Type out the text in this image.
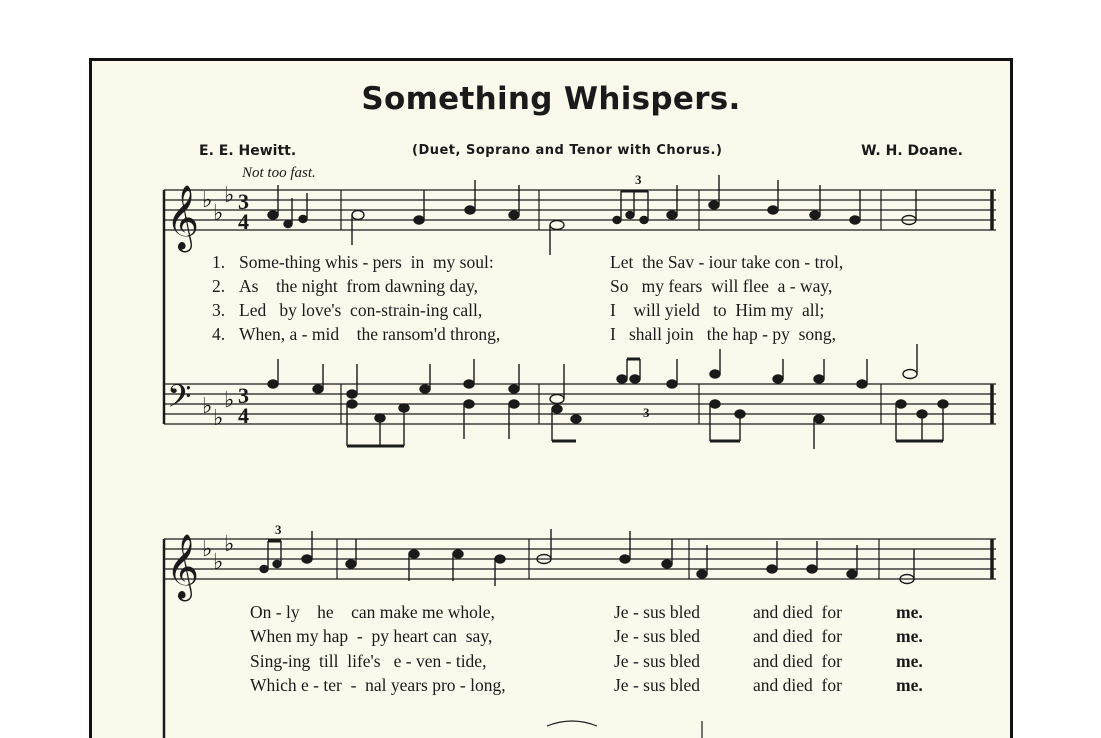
Something Whispers.
E. E. Hewitt.	(Duet, Soprano and Tenor with Chorus.)	W. H. Doane.
Not too fast.
𝄞
𝄢
𝄞
♭
♭
♭
♭ ♭
♭
♭
♭
♭
3
4
3
4
3
3
3
1. Some-thing whis - pers  in  my soul:	Let  the Sav - iour take con - trol,
2. As    the night  from dawning day,	So   my fears  will flee  a - way,
3. Led   by love's  con-strain-ing call,	I    will yield   to  Him my  all;
4. When, a - mid    the ransom'd throng,	I   shall join   the hap - py  song,
On - ly    he    can make me whole,	Je - sus bled	and died  for	me.
When my hap  -  py heart can  say,	Je - sus bled	and died  for	me.
Sing-ing  till  life's   e - ven - tide,	Je - sus bled	and died  for	me.
Which e - ter  -  nal years pro - long,	Je - sus bled	and died  for	me.
